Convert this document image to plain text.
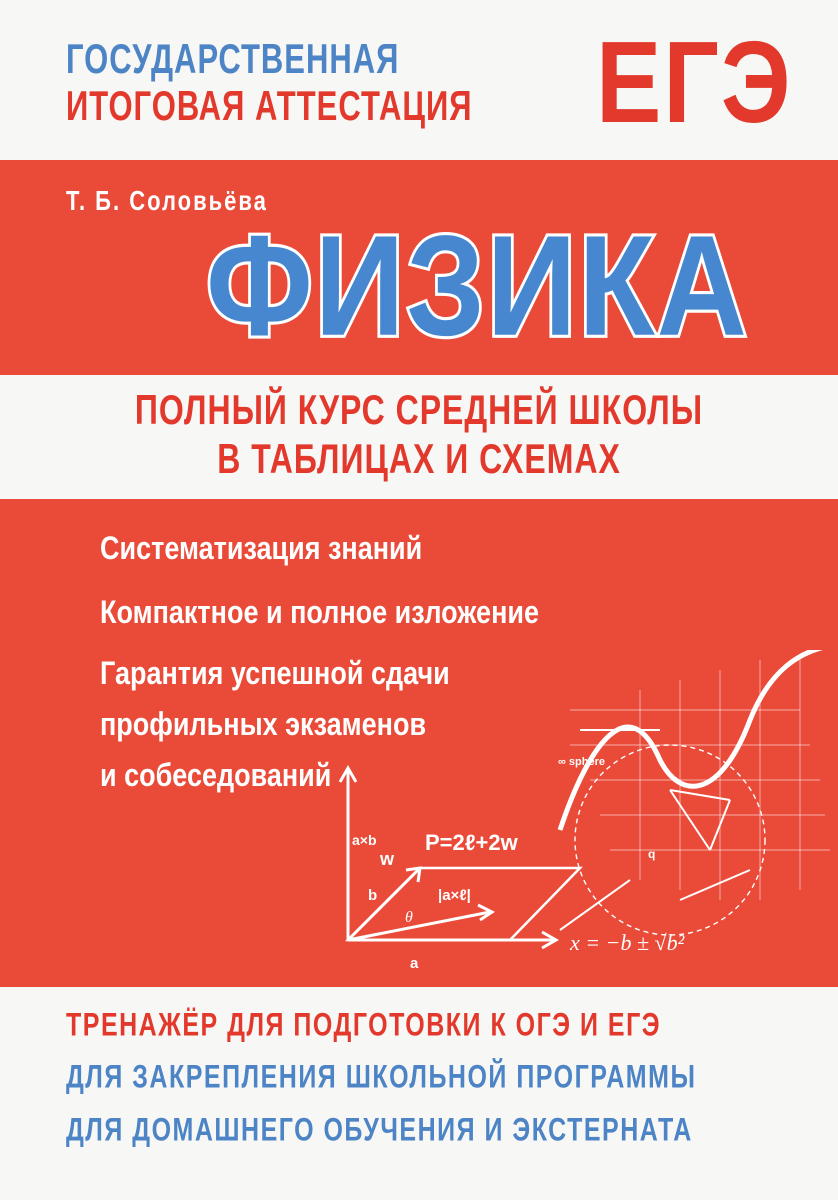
ГОСУДАРСТВЕННАЯ
ИТОГОВАЯ АТТЕСТАЦИЯ ЕГЭ
Т. Б. Соловьёва
ФИЗИКА
ПОЛНЫЙ КУРС СРЕДНЕЙ ШКОЛЫ
В ТАБЛИЦАХ И СХЕМАХ
Систематизация знаний
Компактное и полное изложение
Гарантия успешной сдачи
профильных экзаменов
и собеседований
P=2ℓ+2w
x = −b ± √b²
a×b
w
b
a
θ
|a×ℓ|
∞ sphere
q
ТРЕНАЖЁР ДЛЯ ПОДГОТОВКИ К ОГЭ И ЕГЭ
ДЛЯ ЗАКРЕПЛЕНИЯ ШКОЛЬНОЙ ПРОГРАММЫ
ДЛЯ ДОМАШНЕГО ОБУЧЕНИЯ И ЭКСТЕРНАТА
